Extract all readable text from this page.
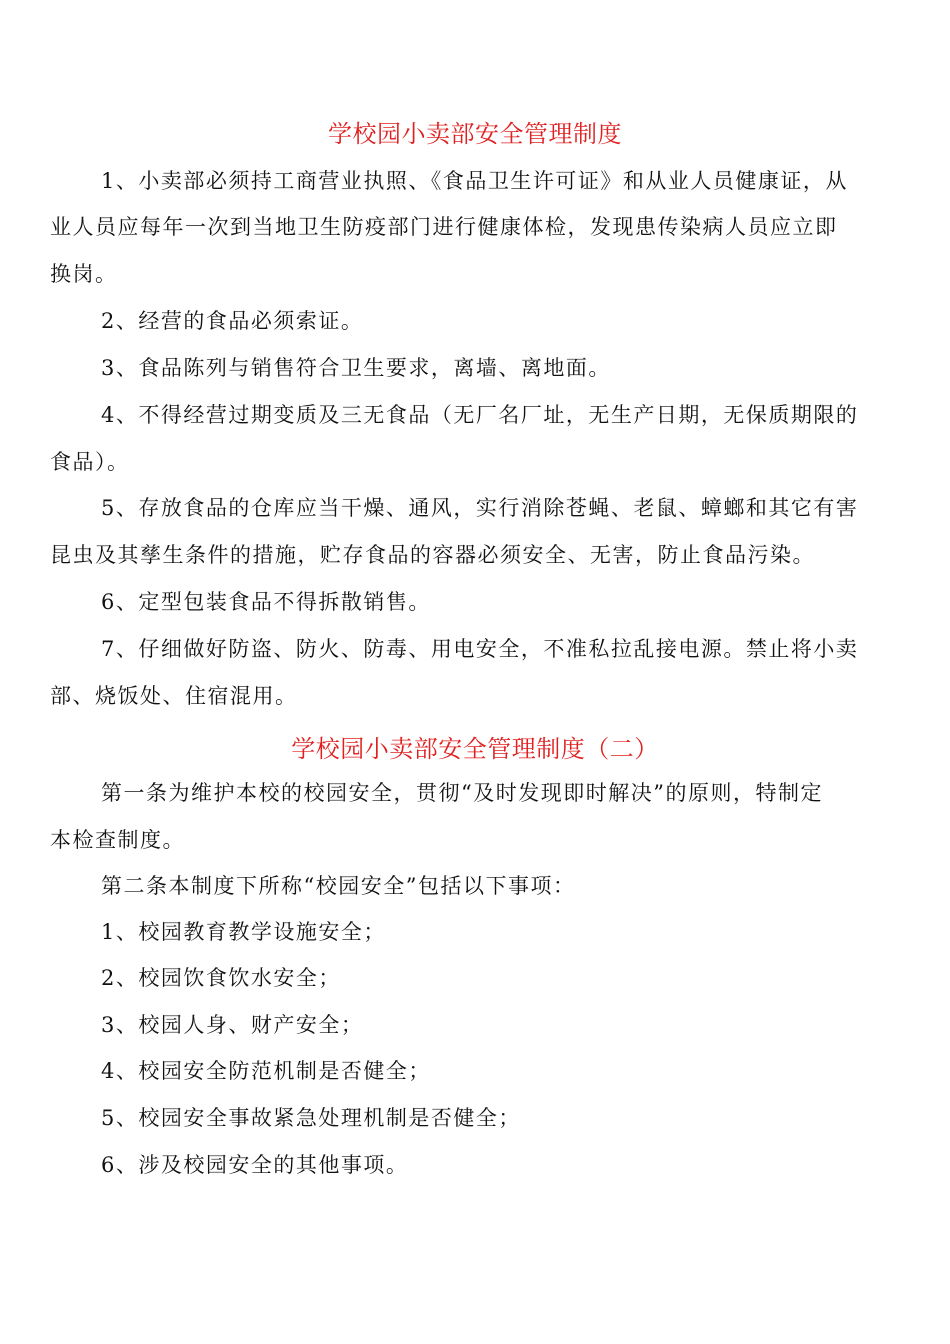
学校园小卖部安全管理制度
1、小卖部必须持工商营业执照、《食品卫生许可证》和从业人员健康证，从
业人员应每年一次到当地卫生防疫部门进行健康体检，发现患传染病人员应立即
换岗。
2、经营的食品必须索证。
3、食品陈列与销售符合卫生要求，离墙、离地面。
4、不得经营过期变质及三无食品（无厂名厂址，无生产日期，无保质期限的
食品）。
5、存放食品的仓库应当干燥、通风，实行消除苍蝇、老鼠、蟑螂和其它有害
昆虫及其孳生条件的措施，贮存食品的容器必须安全、无害，防止食品污染。
6、定型包装食品不得拆散销售。
7、仔细做好防盗、防火、防毒、用电安全，不准私拉乱接电源。禁止将小卖
部、烧饭处、住宿混用。
学校园小卖部安全管理制度（二）
第一条为维护本校的校园安全，贯彻“及时发现即时解决”的原则，特制定
本检查制度。
第二条本制度下所称“校园安全”包括以下事项：
1、校园教育教学设施安全；
2、校园饮食饮水安全；
3、校园人身、财产安全；
4、校园安全防范机制是否健全；
5、校园安全事故紧急处理机制是否健全；
6、涉及校园安全的其他事项。
